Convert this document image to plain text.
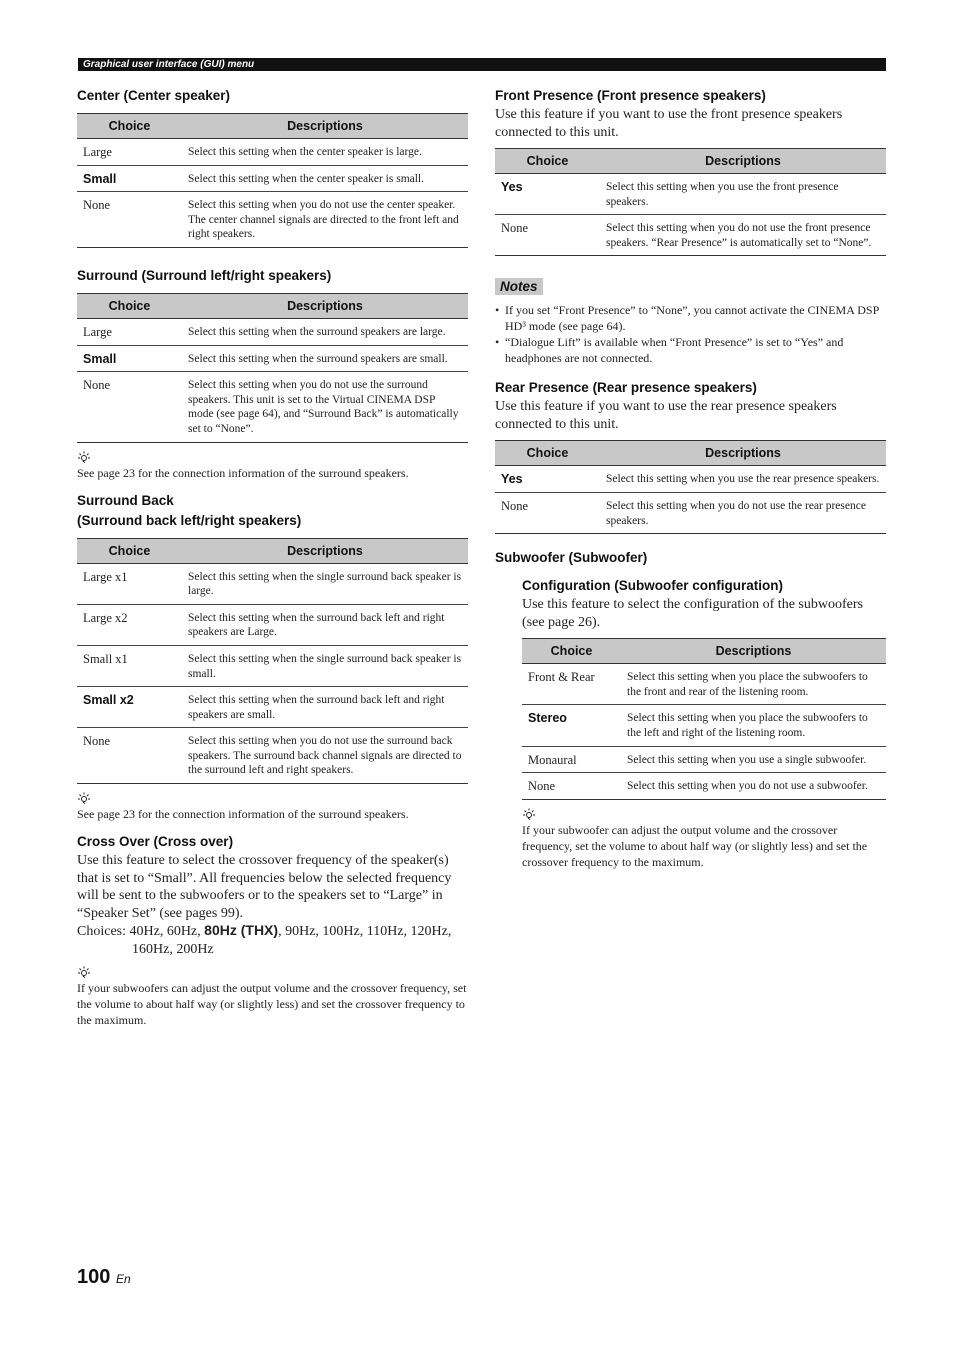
Graphical user interface (GUI) menu
Center (Center speaker)
Choice	Descriptions
Large	Select this setting when the center speaker is large.
Small	Select this setting when the center speaker is small.
None	Select this setting when you do not use the center speaker. The center channel signals are directed to the front left and right speakers.
Surround (Surround left/right speakers)
Choice	Descriptions
Large	Select this setting when the surround speakers are large.
Small	Select this setting when the surround speakers are small.
None	Select this setting when you do not use the surround speakers. This unit is set to the Virtual CINEMA DSP mode (see page 64), and “Surround Back” is automatically set to “None”.
See page 23 for the connection information of the surround speakers.
Surround Back
(Surround back left/right speakers)
Choice	Descriptions
Large x1	Select this setting when the single surround back speaker is large.
Large x2	Select this setting when the surround back left and right speakers are Large.
Small x1	Select this setting when the single surround back speaker is small.
Small x2	Select this setting when the surround back left and right speakers are small.
None	Select this setting when you do not use the surround back speakers. The surround back channel signals are directed to the surround left and right speakers.
See page 23 for the connection information of the surround speakers.
Cross Over (Cross over)
Use this feature to select the crossover frequency of the speaker(s) that is set to “Small”. All frequencies below the selected frequency will be sent to the subwoofers or to the speakers set to “Large” in “Speaker Set” (see pages 99).
Choices: 40Hz, 60Hz, 80Hz (THX), 90Hz, 100Hz, 110Hz, 120Hz, 160Hz, 200Hz
If your subwoofers can adjust the output volume and the crossover frequency, set the volume to about half way (or slightly less) and set the crossover frequency to the maximum.
Front Presence (Front presence speakers)
Use this feature if you want to use the front presence speakers connected to this unit.
Choice	Descriptions
Yes	Select this setting when you use the front presence speakers.
None	Select this setting when you do not use the front presence speakers. “Rear Presence” is automatically set to “None”.
Notes
• If you set “Front Presence” to “None”, you cannot activate the CINEMA DSP HD³ mode (see page 64).
• “Dialogue Lift” is available when “Front Presence” is set to “Yes” and headphones are not connected.
Rear Presence (Rear presence speakers)
Use this feature if you want to use the rear presence speakers connected to this unit.
Choice	Descriptions
Yes	Select this setting when you use the rear presence speakers.
None	Select this setting when you do not use the rear presence speakers.
Subwoofer (Subwoofer)
Configuration (Subwoofer configuration)
Use this feature to select the configuration of the subwoofers (see page 26).
Choice	Descriptions
Front & Rear	Select this setting when you place the subwoofers to the front and rear of the listening room.
Stereo	Select this setting when you place the subwoofers to the left and right of the listening room.
Monaural	Select this setting when you use a single subwoofer.
None	Select this setting when you do not use a subwoofer.
If your subwoofer can adjust the output volume and the crossover frequency, set the volume to about half way (or slightly less) and set the crossover frequency to the maximum.
100 En
